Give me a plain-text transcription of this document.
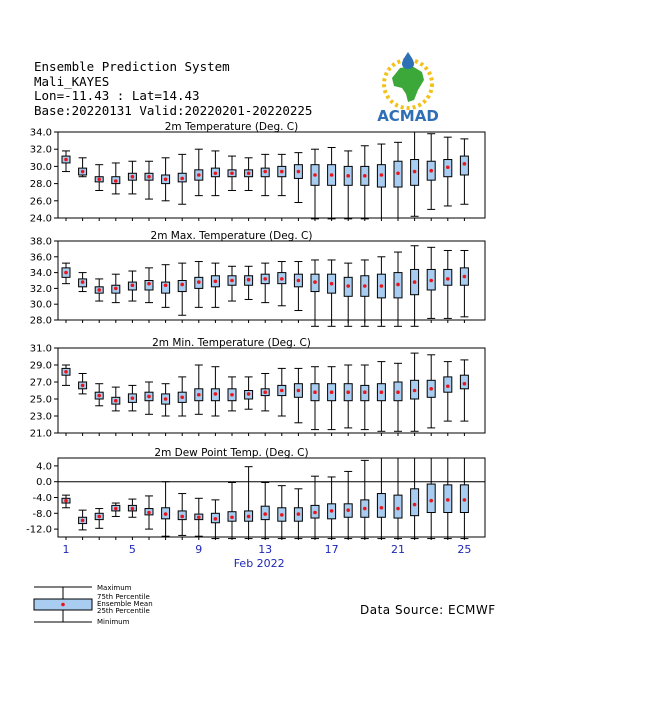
Ensemble Prediction System
Mali_KAYES
Lon=-11.43 : Lat=14.43
Base:20220131 Valid:20220201-20220225	ACMAD
2m Temperature (Deg. C)
34.0
32.0
30.0
28.0
26.0
24.0
2m Max. Temperature (Deg. C)
38.0
36.0
34.0
32.0
30.0
28.0
2m Min. Temperature (Deg. C)
31.0
29.0
27.0
25.0
23.0
21.0
2m Dew Point Temp. (Deg. C)
4.0
0.0
-4.0
-8.0
-12.0
1	5	9	13	17	21	25
Feb 2022
Maximum
75th Percentile
Ensemble Mean
25th Percentile
Minimum
Data Source: ECMWF
